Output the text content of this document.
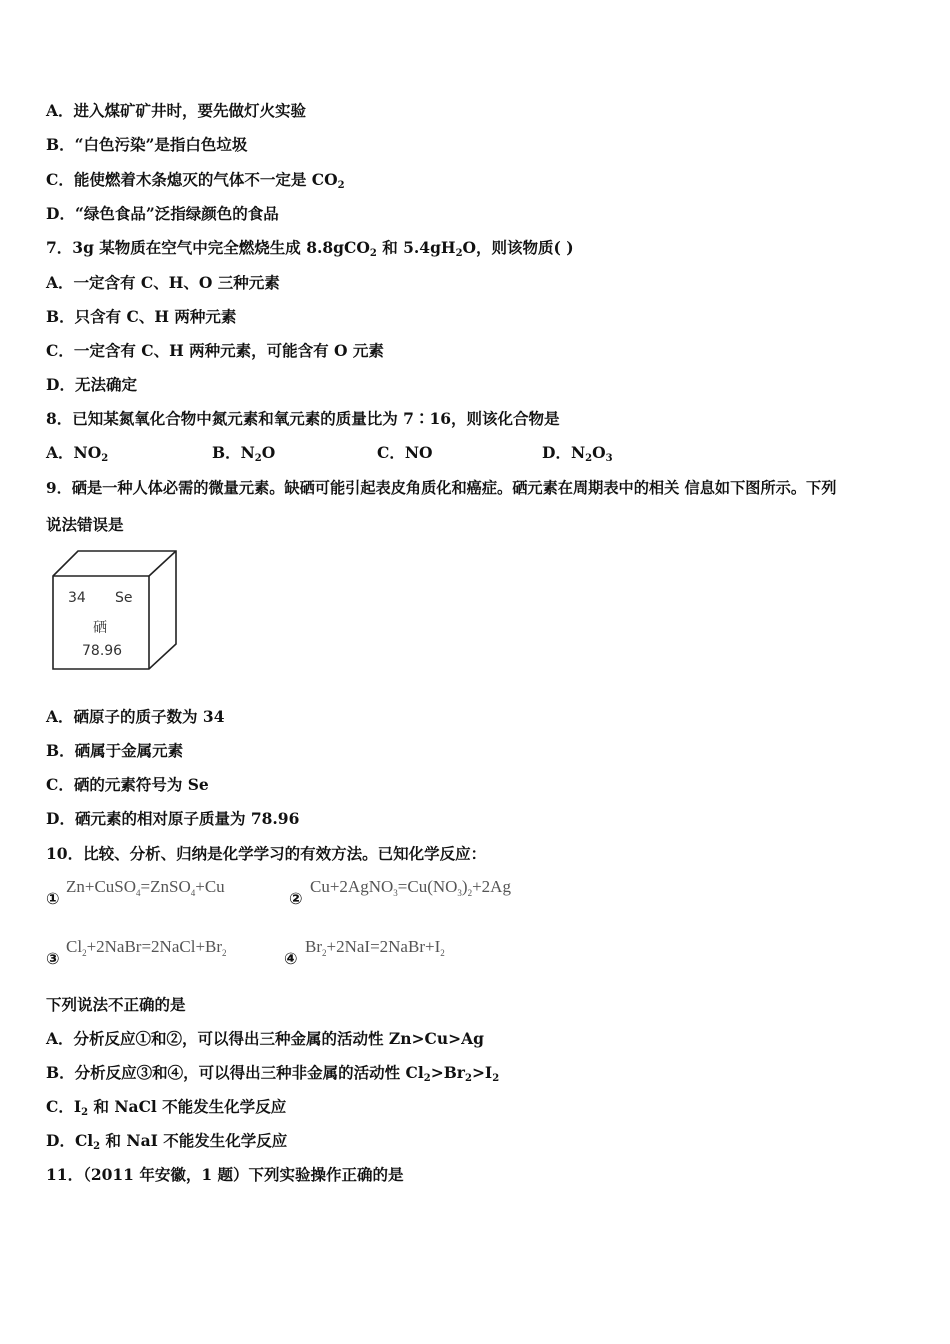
A．进入煤矿矿井时，要先做灯火实验
B．“白色污染”是指白色垃圾
C．能使燃着木条熄灭的气体不一定是 $CO_2$
D．“绿色食品”泛指绿颜色的食品
7．3g 某物质在空气中完全燃烧生成 8.8gCO$_2$ 和 $5.4gH_2O$，则该物质( )
A．一定含有 C、H、O 三种元素
B．只含有 C、H 两种元素
C．一定含有 C、H 两种元素，可能含有 O 元素
D．无法确定
8．已知某氮氧化合物中氮元素和氧元素的质量比为 7∶16，则该化合物是
A．$NO_2$	B．$N_2O$	C．NO	D．$N_2O_3$
9．硒是一种人体必需的微量元素。缺硒可能引起表皮角质化和癌症。硒元素在周期表中的相关 信息如下图所示。下列
说法错误是
34 Se
硒
78.96
A．硒原子的质子数为 34
B．硒属于金属元素
C．硒的元素符号为 Se
D．硒元素的相对原子质量为 78.96
10．比较、分析、归纳是化学学习的有效方法。已知化学反应：
①
Zn+CuSO$_4$=ZnSO$_4$+Cu
②
$Cu+2AgNO_3=Cu(NO_3)_2+2Ag$
③
$Cl_2+2NaBr=2NaCl+Br_2$	④
$Br_2+2NaI=2NaBr+I_2$
下列说法不正确的是
A．分析反应①和②，可以得出三种金属的活动性 Zn>Cu>Ag
B．分析反应③和④，可以得出三种非金属的活动性 $Cl_2>Br_2>I_2$
C．$I_2$ 和 NaCl 不能发生化学反应
D．$Cl_2$ 和 NaI 不能发生化学反应
11．（2011 年安徽，1 题）下列实验操作正确的是
